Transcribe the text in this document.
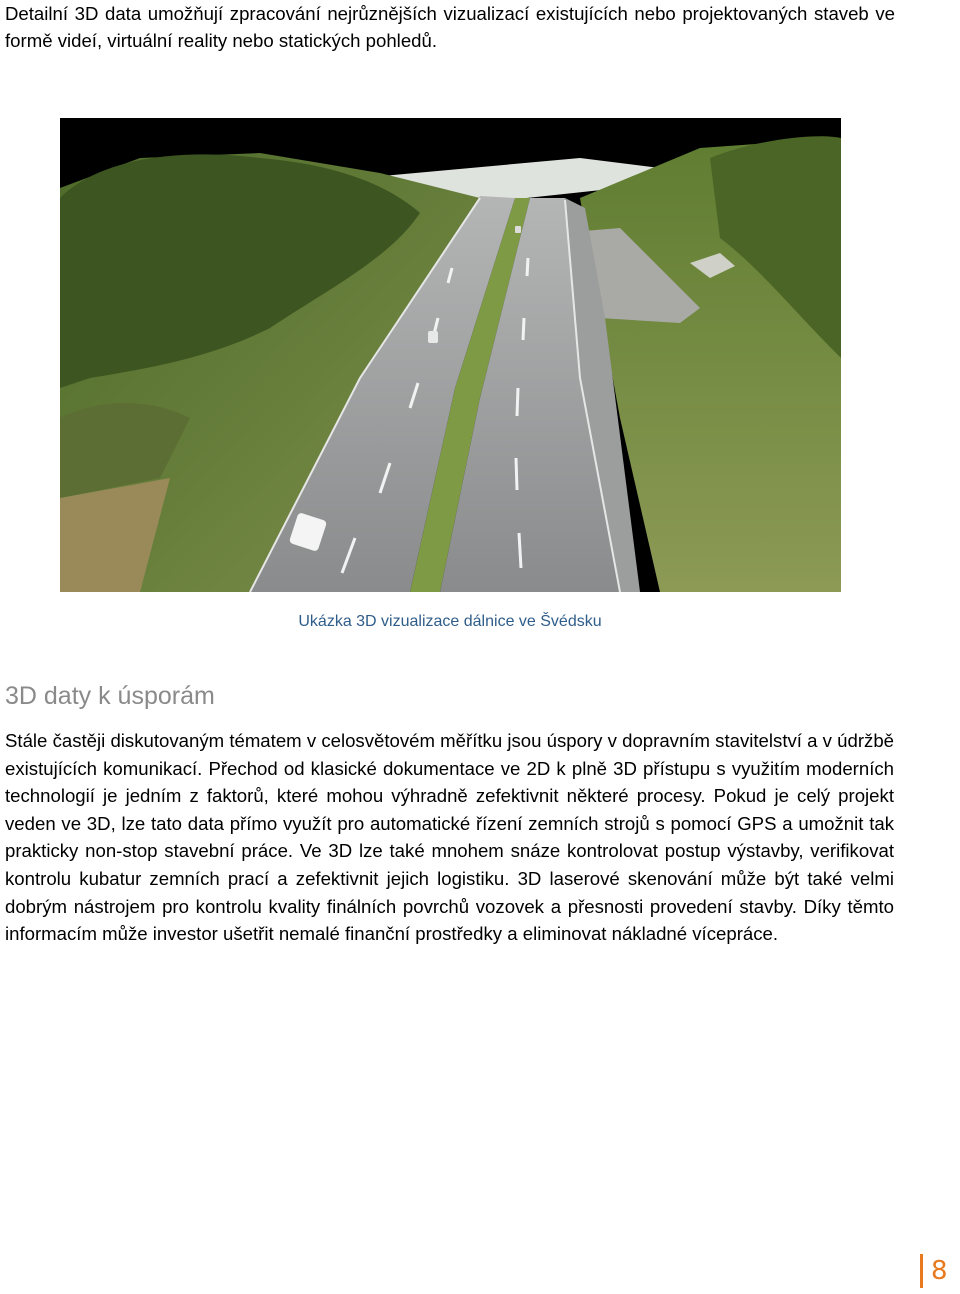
Detailní 3D data umožňují zpracování nejrůznějších vizualizací existujících nebo projektovaných staveb ve formě videí, virtuální reality nebo statických pohledů.

Ukázka 3D vizualizace dálnice ve Švédsku
3D daty k úsporám

Stále častěji diskutovaným tématem v celosvětovém měřítku jsou úspory v dopravním stavitelství a v údržbě existujících komunikací. Přechod od klasické dokumentace ve 2D k plně 3D přístupu s využitím moderních technologií je jedním z faktorů, které mohou výhradně zefektivnit některé procesy. Pokud je celý projekt veden ve 3D, lze tato data přímo využít pro automatické řízení zemních strojů s pomocí GPS a umožnit tak prakticky non-stop stavební práce. Ve 3D lze také mnohem snáze kontrolovat postup výstavby, verifikovat kontrolu kubatur zemních prací a zefektivnit jejich logistiku. 3D laserové skenování může být také velmi dobrým nástrojem pro kontrolu kvality finálních povrchů vozovek a přesnosti provedení stavby. Díky těmto informacím může investor ušetřit nemalé finanční prostředky a eliminovat nákladné vícepráce.

8
